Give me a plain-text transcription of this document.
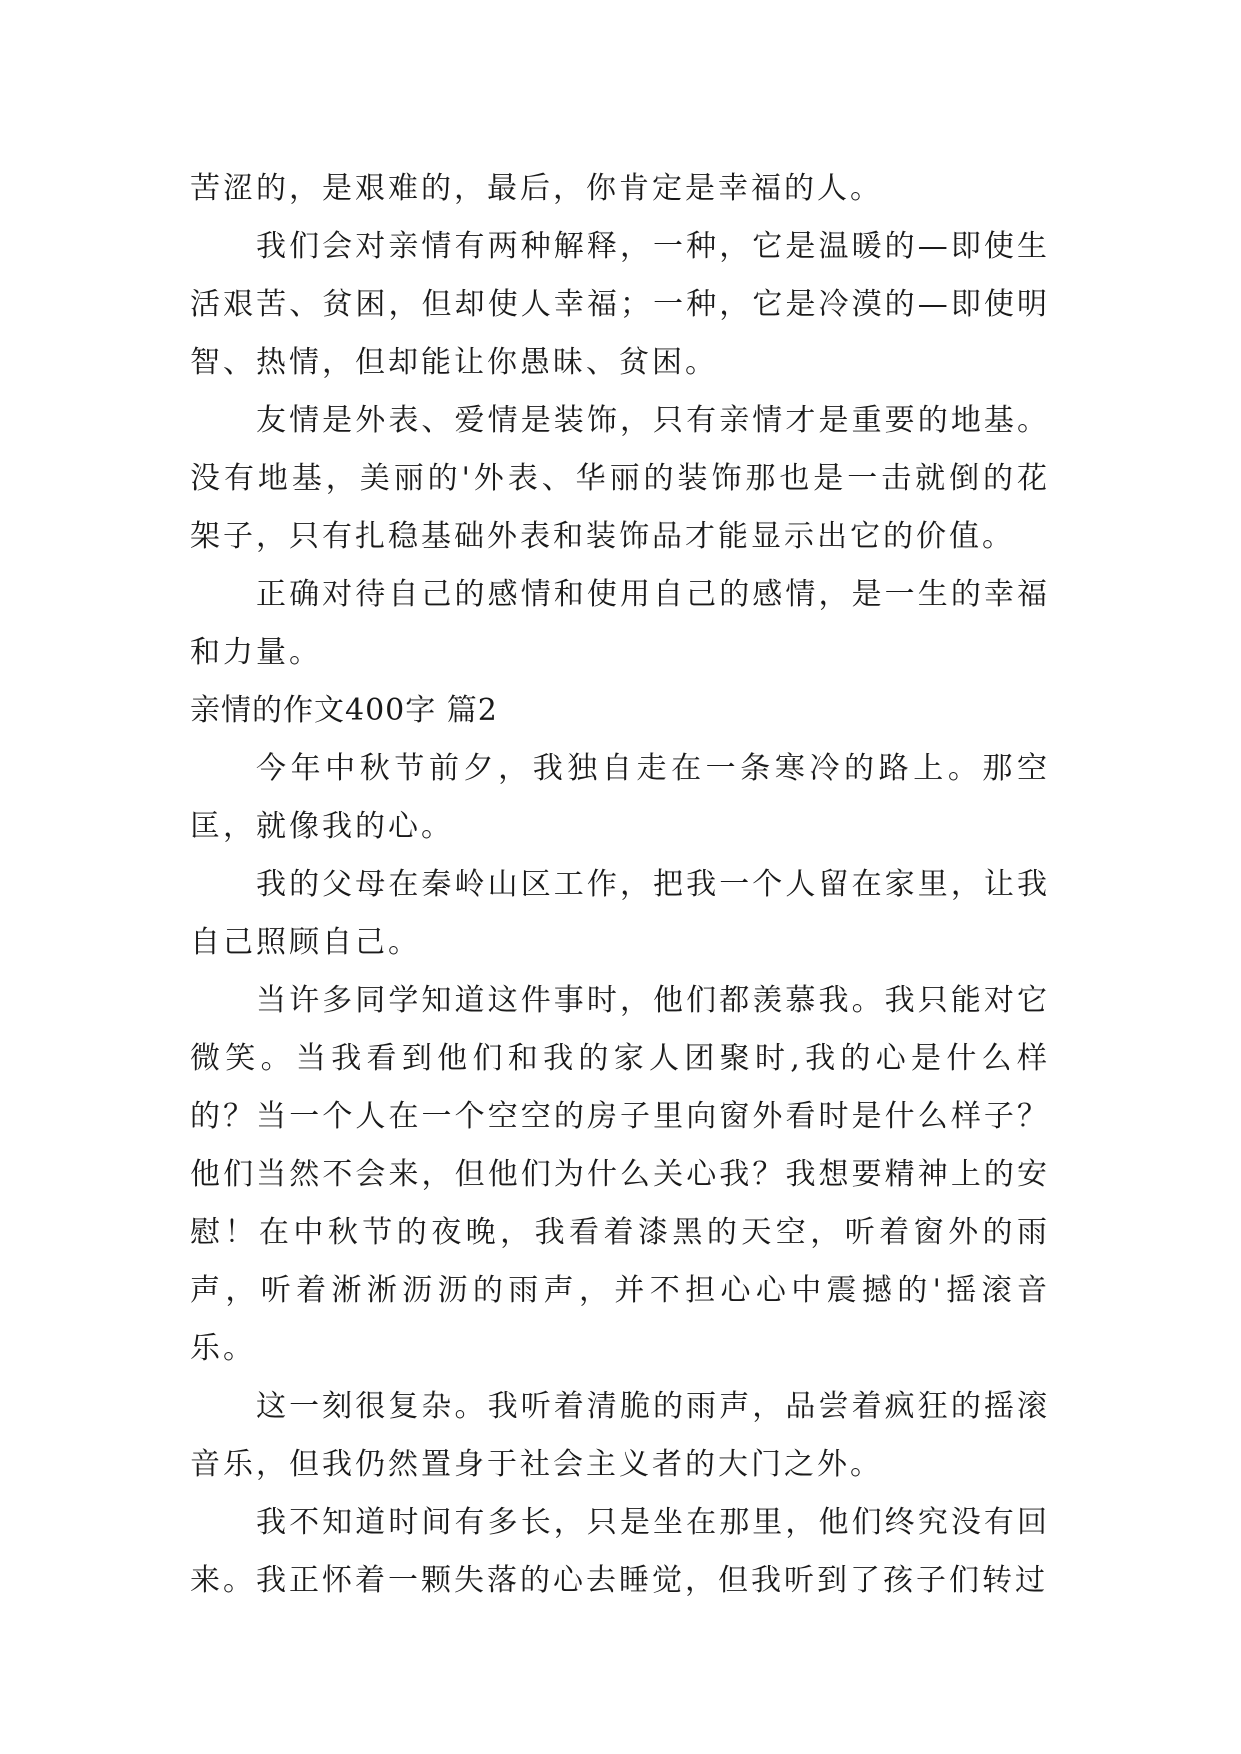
苦涩的，是艰难的，最后，你肯定是幸福的人。

我们会对亲情有两种解释，一种，它是温暖的—即使生活艰苦、贫困，但却使人幸福；一种，它是冷漠的—即使明智、热情，但却能让你愚昧、贫困。

友情是外表、爱情是装饰，只有亲情才是重要的地基。没有地基，美丽的'外表、华丽的装饰那也是一击就倒的花架子，只有扎稳基础外表和装饰品才能显示出它的价值。

正确对待自己的感情和使用自己的感情，是一生的幸福和力量。

亲情的作文400字 篇2

今年中秋节前夕，我独自走在一条寒冷的路上。那空匡，就像我的心。

我的父母在秦岭山区工作，把我一个人留在家里，让我自己照顾自己。

当许多同学知道这件事时，他们都羡慕我。我只能对它微笑。当我看到他们和我的家人团聚时,我的心是什么样的？当一个人在一个空空的房子里向窗外看时是什么样子？他们当然不会来，但他们为什么关心我？我想要精神上的安慰！在中秋节的夜晚，我看着漆黑的天空，听着窗外的雨声，听着淅淅沥沥的雨声，并不担心心中震撼的'摇滚音乐。

这一刻很复杂。我听着清脆的雨声，品尝着疯狂的摇滚音乐，但我仍然置身于社会主义者的大门之外。

我不知道时间有多长，只是坐在那里，他们终究没有回来。我正怀着一颗失落的心去睡觉，但我听到了孩子们转过
